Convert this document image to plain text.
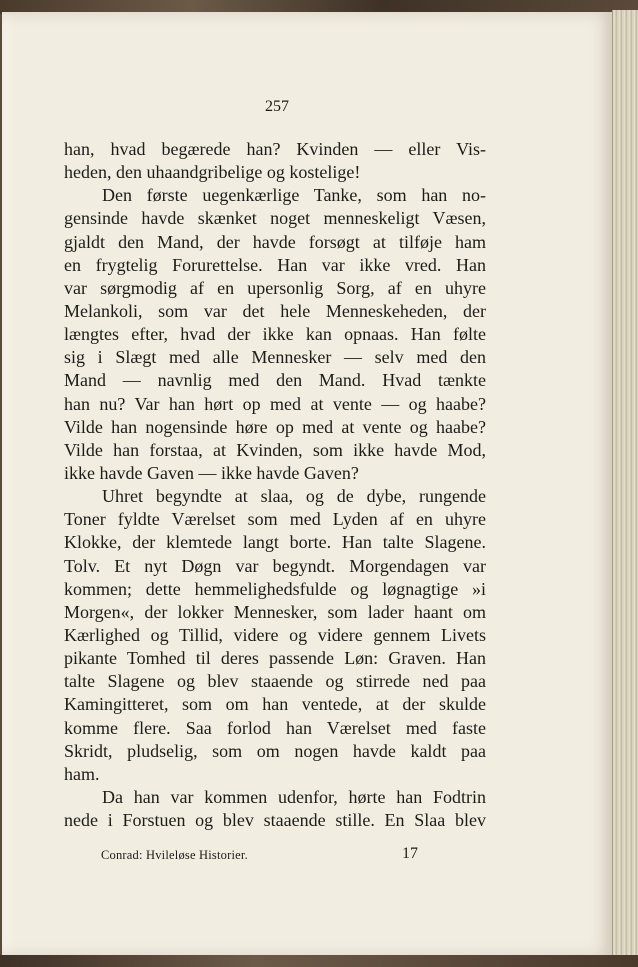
257
han, hvad begærede han? Kvinden — eller Vis-
heden, den uhaandgribelige og kostelige!
Den første uegenkærlige Tanke, som han no-
gensinde havde skænket noget menneskeligt Væsen,
gjaldt den Mand, der havde forsøgt at tilføje ham
en frygtelig Forurettelse. Han var ikke vred. Han
var sørgmodig af en upersonlig Sorg, af en uhyre
Melankoli, som var det hele Menneskeheden, der
længtes efter, hvad der ikke kan opnaas. Han følte
sig i Slægt med alle Mennesker — selv med den
Mand — navnlig med den Mand. Hvad tænkte
han nu? Var han hørt op med at vente — og haabe?
Vilde han nogensinde høre op med at vente og haabe?
Vilde han forstaa, at Kvinden, som ikke havde Mod,
ikke havde Gaven — ikke havde Gaven?
Uhret begyndte at slaa, og de dybe, rungende
Toner fyldte Værelset som med Lyden af en uhyre
Klokke, der klemtede langt borte. Han talte Slagene.
Tolv. Et nyt Døgn var begyndt. Morgendagen var
kommen; dette hemmelighedsfulde og løgnagtige »i
Morgen«, der lokker Mennesker, som lader haant om
Kærlighed og Tillid, videre og videre gennem Livets
pikante Tomhed til deres passende Løn: Graven. Han
talte Slagene og blev staaende og stirrede ned paa
Kamingitteret, som om han ventede, at der skulde
komme flere. Saa forlod han Værelset med faste
Skridt, pludselig, som om nogen havde kaldt paa
ham.
Da han var kommen udenfor, hørte han Fodtrin
nede i Forstuen og blev staaende stille. En Slaa blev
Conrad: Hvileløse Historier.	17
